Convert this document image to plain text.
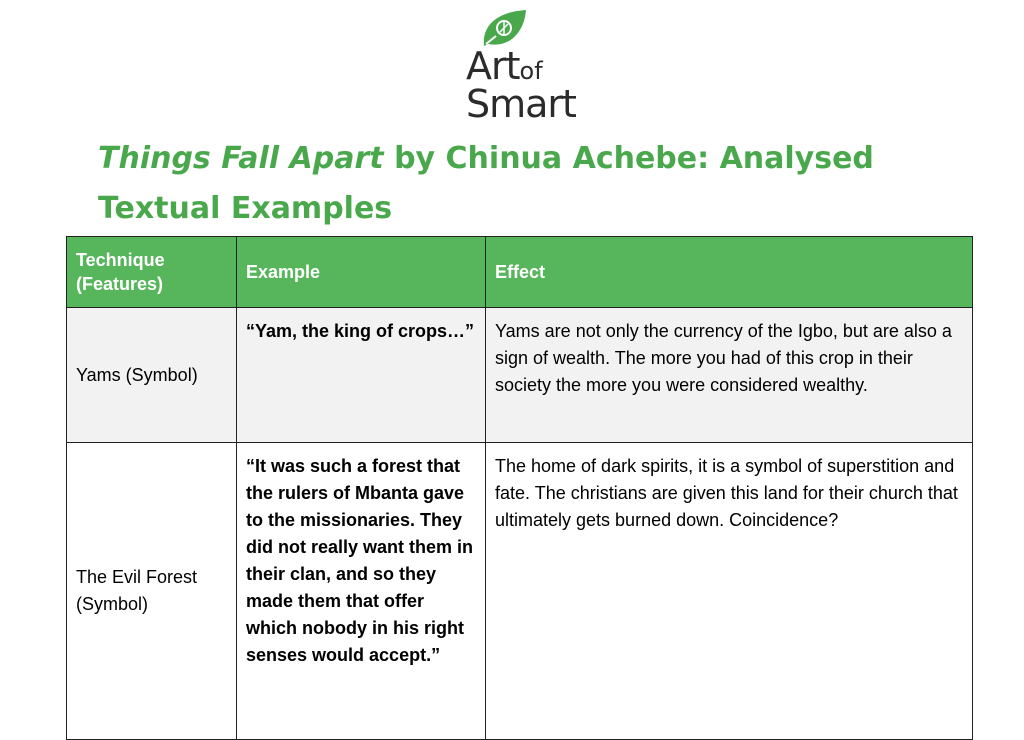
Artof
Smart
Things Fall Apart by Chinua Achebe: Analysed Textual Examples
Technique (Features)	Example	Effect
Yams (Symbol)	“Yam, the king of crops…”	Yams are not only the currency of the Igbo, but are also a sign of wealth. The more you had of this crop in their society the more you were considered wealthy.
The Evil Forest (Symbol)	“It was such a forest that the rulers of Mbanta gave to the missionaries. They did not really want them in their clan, and so they made them that offer which nobody in his right senses would accept.”	The home of dark spirits, it is a symbol of superstition and fate. The christians are given this land for their church that ultimately gets burned down. Coincidence?
